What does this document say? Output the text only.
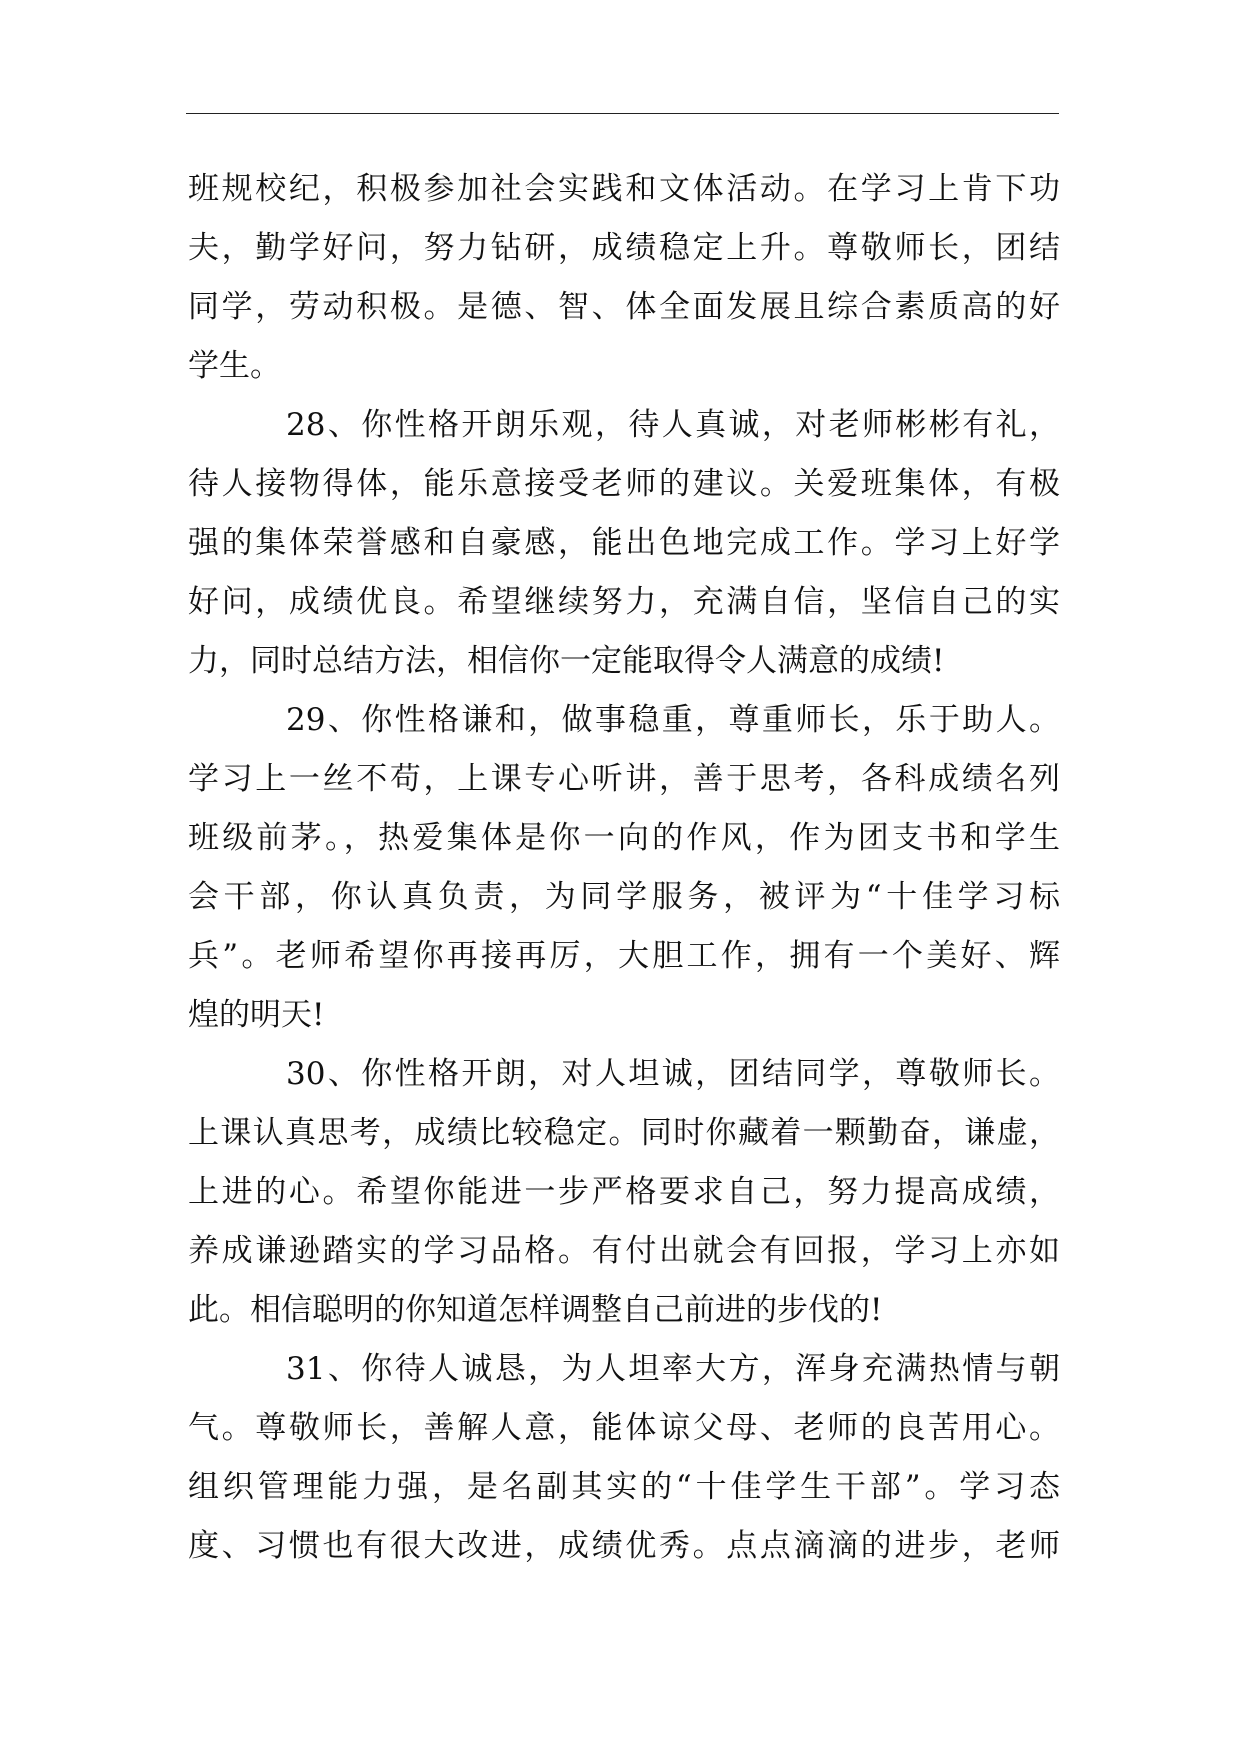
班规校纪，积极参加社会实践和文体活动。在学习上肯下功
夫，勤学好问，努力钻研，成绩稳定上升。尊敬师长，团结
同学，劳动积极。是德、智、体全面发展且综合素质高的好
学生。
28、你性格开朗乐观，待人真诚，对老师彬彬有礼，
待人接物得体，能乐意接受老师的建议。关爱班集体，有极
强的集体荣誉感和自豪感，能出色地完成工作。学习上好学
好问，成绩优良。希望继续努力，充满自信，坚信自己的实
力，同时总结方法，相信你一定能取得令人满意的成绩!
29、你性格谦和，做事稳重，尊重师长，乐于助人。
学习上一丝不苟，上课专心听讲，善于思考，各科成绩名列
班级前茅。，热爱集体是你一向的作风，作为团支书和学生
会干部，你认真负责，为同学服务，被评为“十佳学习标
兵”。老师希望你再接再厉，大胆工作，拥有一个美好、辉
煌的明天!
30、你性格开朗，对人坦诚，团结同学，尊敬师长。
上课认真思考，成绩比较稳定。同时你藏着一颗勤奋，谦虚，
上进的心。希望你能进一步严格要求自己，努力提高成绩，
养成谦逊踏实的学习品格。有付出就会有回报，学习上亦如
此。相信聪明的你知道怎样调整自己前进的步伐的!
31、你待人诚恳，为人坦率大方，浑身充满热情与朝
气。尊敬师长，善解人意，能体谅父母、老师的良苦用心。
组织管理能力强，是名副其实的“十佳学生干部”。学习态
度、习惯也有很大改进，成绩优秀。点点滴滴的进步，老师
